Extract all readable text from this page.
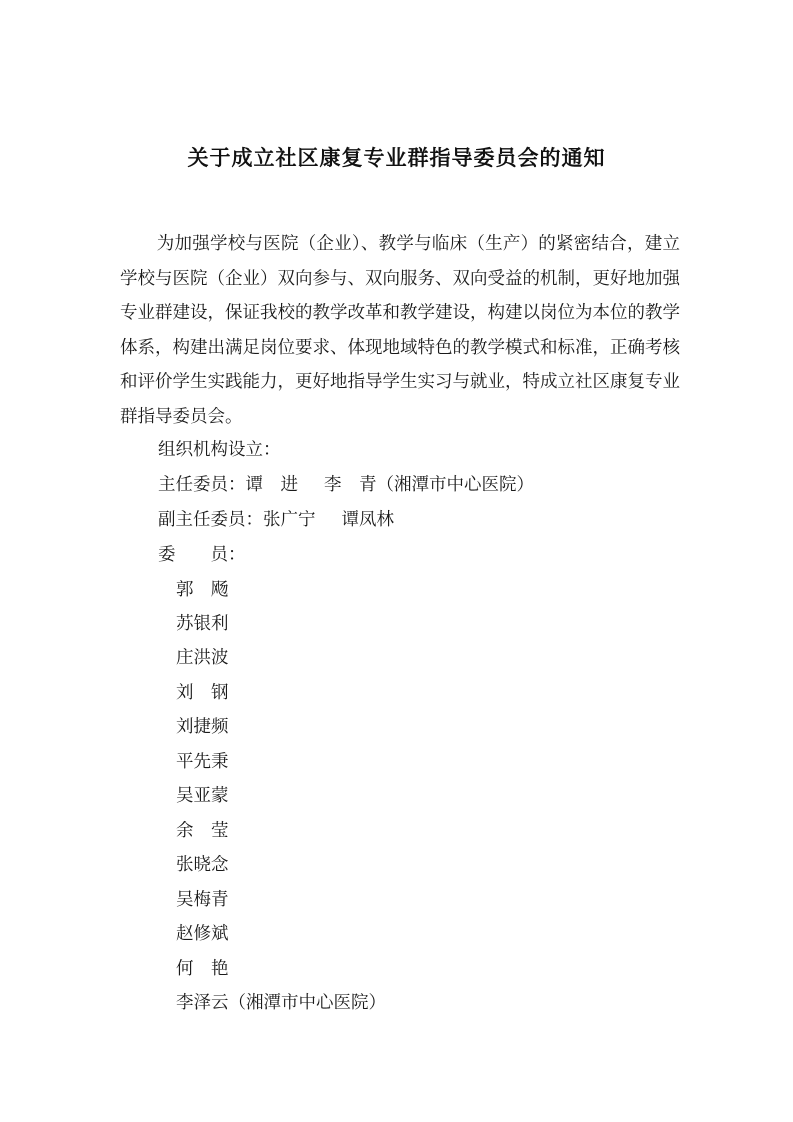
关于成立社区康复专业群指导委员会的通知

为加强学校与医院（企业）、教学与临床（生产）的紧密结合，建立学校与医院（企业）双向参与、双向服务、双向受益的机制，更好地加强专业群建设，保证我校的教学改革和教学建设，构建以岗位为本位的教学体系，构建出满足岗位要求、体现地域特色的教学模式和标准，正确考核和评价学生实践能力，更好地指导学生实习与就业，特成立社区康复专业群指导委员会。

组织机构设立：

主任委员：谭　进 李　青（湘潭市中心医院）

副主任委员：张广宁 谭凤林

委　　员：

郭　飏

苏银利

庄洪波

刘　钢

刘捷频

平先秉

吴亚蒙

余　莹

张晓念

吴梅青

赵修斌

何　艳

李泽云（湘潭市中心医院）
